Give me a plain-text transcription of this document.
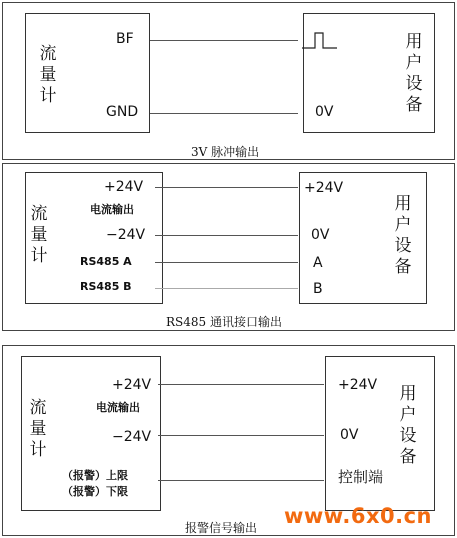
流量计
BF
GND
用户设备
0V
3V 脉冲输出
流量计
+24V
电流输出
−24V
RS485 A
RS485 B
+24V
0V
A
B
用户设备
RS485 通讯接口输出
流量计
+24V
电流输出
−24V
（报警）上限
（报警）下限
+24V
0V
控制端
用户设备
报警信号输出 www.6x0.cn
